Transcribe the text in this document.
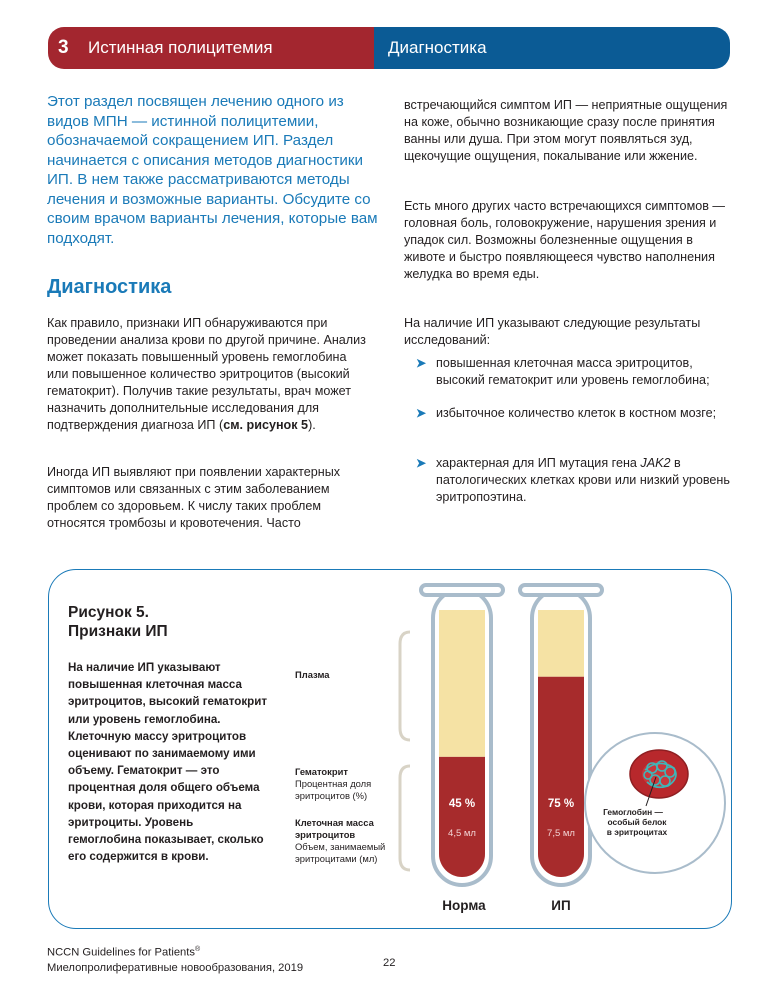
3	Истинная полицитемия	Диагностика

Этот раздел посвящен лечению одного из видов МПН — истинной полицитемии, обозначаемой сокращением ИП. Раздел начинается с описания методов диагностики ИП. В нем также рассматриваются методы лечения и возможные варианты. Обсудите со своим врачом варианты лечения, которые вам подходят.

Диагностика

Как правило, признаки ИП обнаруживаются при проведении анализа крови по другой причине. Анализ может показать повышенный уровень гемоглобина или повышенное количество эритроцитов (высокий гематокрит). Получив такие результаты, врач может назначить дополнительные исследования для подтверждения диагноза ИП (см. рисунок 5).

Иногда ИП выявляют при появлении характерных симптомов или связанных с этим заболеванием проблем со здоровьем. К числу таких проблем относятся тромбозы и кровотечения. Часто

встречающийся симптом ИП — неприятные ощущения на коже, обычно возникающие сразу после принятия ванны или душа. При этом могут появляться зуд, щекочущие ощущения, покалывание или жжение.

Есть много других часто встречающихся симптомов — головная боль, головокружение, нарушения зрения и упадок сил. Возможны болезненные ощущения в животе и быстро появляющееся чувство наполнения желудка во время еды.

На наличие ИП указывают следующие результаты исследований:

➤ повышенная клеточная масса эритроцитов, высокий гематокрит или уровень гемоглобина;
➤ избыточное количество клеток в костном мозге;
➤ характерная для ИП мутация гена JAK2 в патологических клетках крови или низкий уровень эритропоэтина.
Рисунок 5.
Признаки ИП

На наличие ИП указывают повышенная клеточная масса эритроцитов, высокий гематокрит или уровень гемоглобина. Клеточную массу эритроцитов оценивают по занимаемому ими объему. Гематокрит — это процентная доля общего объема крови, которая приходится на эритроциты. Уровень гемоглобина показывает, сколько его содержится в крови.

Плазма
Гематокрит
Процентная доля эритроцитов (%)
Клеточная масса эритроцитов
Объем, занимаемый эритроцитами (мл)
45 %
4,5 мл
75 %
7,5 мл
Норма	ИП
Гемоглобин — особый белок в эритроцитах
NCCN Guidelines for Patients®
Миелопролиферативные новообразования, 2019	22
